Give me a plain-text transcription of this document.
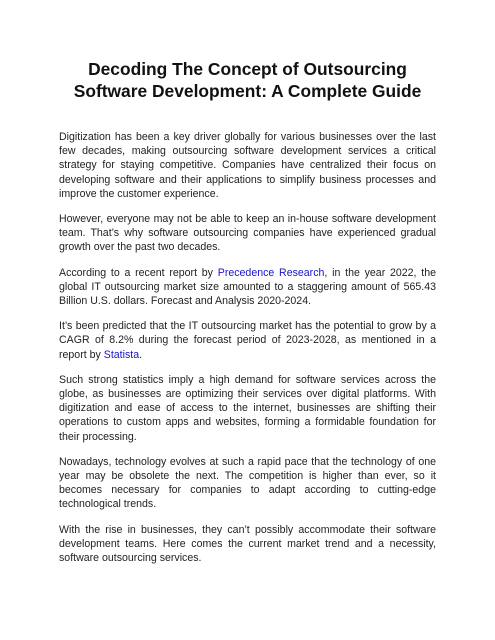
Decoding The Concept of Outsourcing Software Development: A Complete Guide

Digitization has been a key driver globally for various businesses over the last few decades, making outsourcing software development services a critical strategy for staying competitive. Companies have centralized their focus on developing software and their applications to simplify business processes and improve the customer experience.

However, everyone may not be able to keep an in-house software development team. That’s why software outsourcing companies have experienced gradual growth over the past two decades.

According to a recent report by Precedence Research, in the year 2022, the global IT outsourcing market size amounted to a staggering amount of 565.43 Billion U.S. dollars. Forecast and Analysis 2020-2024.

It’s been predicted that the IT outsourcing market has the potential to grow by a CAGR of 8.2% during the forecast period of 2023-2028, as mentioned in a report by Statista.

Such strong statistics imply a high demand for software services across the globe, as businesses are optimizing their services over digital platforms. With digitization and ease of access to the internet, businesses are shifting their operations to custom apps and websites, forming a formidable foundation for their processing.

Nowadays, technology evolves at such a rapid pace that the technology of one year may be obsolete the next. The competition is higher than ever, so it becomes necessary for companies to adapt according to cutting-edge technological trends.

With the rise in businesses, they can’t possibly accommodate their software development teams. Here comes the current market trend and a necessity, software outsourcing services.
